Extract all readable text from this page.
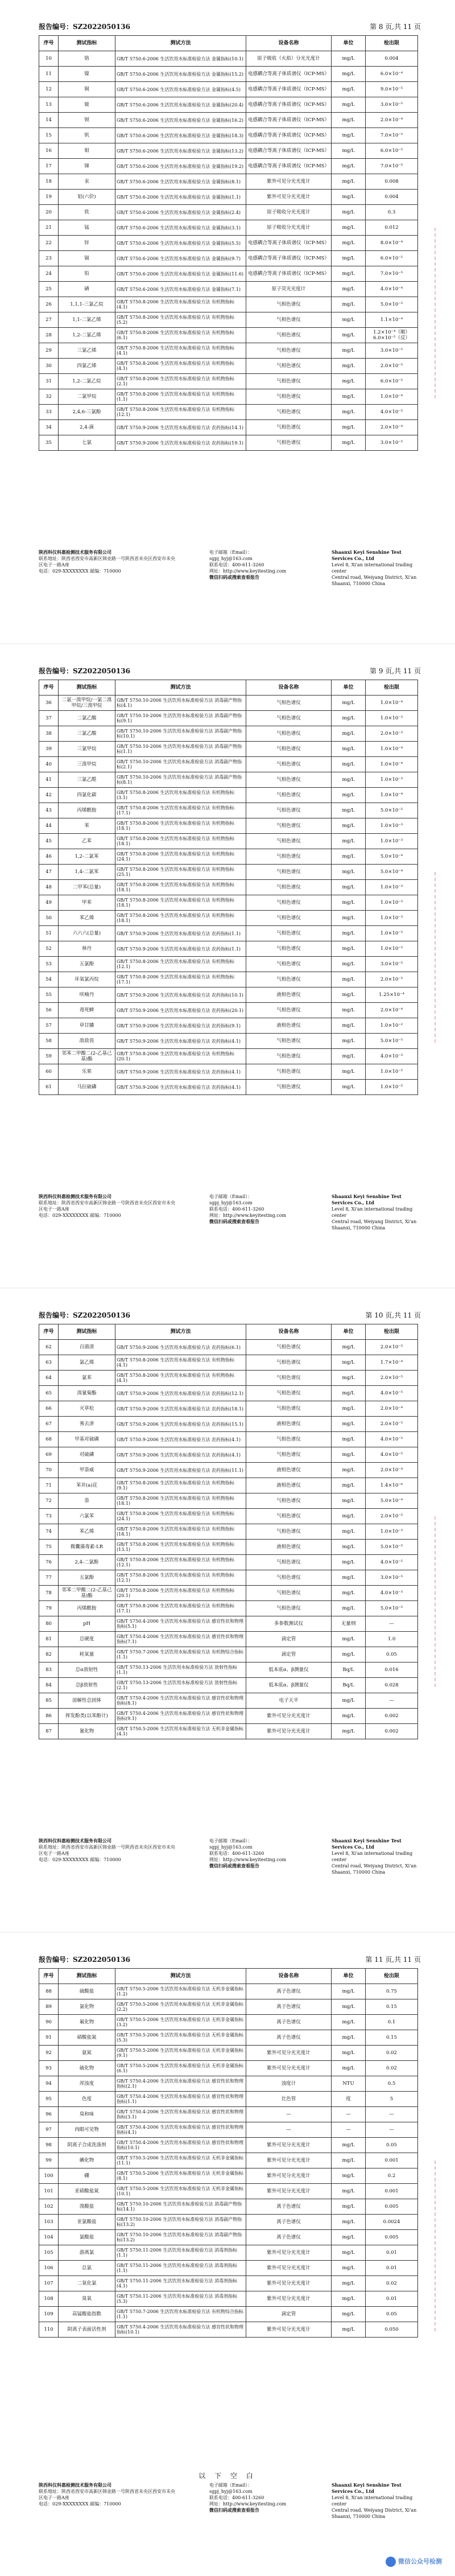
报告编号：SZ2022050136	第 8 页,共 11 页
序号	测试指标	测试方法	设备名称	单位	检出限
10	铬	GB/T 5750.6-2006 生活饮用水标准检验方法 金属指标(10.1)	原子吸收（火焰）分光光度计	mg/L	0.004
11	镍	GB/T 5750.6-2006 生活饮用水标准检验方法 金属指标(15.2)	电感耦合等离子体质谱仪（ICP-MS）	mg/L	6.0×10⁻⁴
12	铜	GB/T 5750.6-2006 生活饮用水标准检验方法 金属指标(4.5)	电感耦合等离子体质谱仪（ICP-MS）	mg/L	9.0×10⁻⁵
13	铍	GB/T 5750.6-2006 生活饮用水标准检验方法 金属指标(20.4)	电感耦合等离子体质谱仪（ICP-MS）	mg/L	3.0×10⁻⁵
14	钡	GB/T 5750.6-2006 生活饮用水标准检验方法 金属指标(16.2)	电感耦合等离子体质谱仪（ICP-MS）	mg/L	2.0×10⁻⁴
15	钒	GB/T 5750.6-2006 生活饮用水标准检验方法 金属指标(18.3)	电感耦合等离子体质谱仪（ICP-MS）	mg/L	7.0×10⁻⁵
16	钼	GB/T 5750.6-2006 生活饮用水标准检验方法 金属指标(13.2)	电感耦合等离子体质谱仪（ICP-MS）	mg/L	6.0×10⁻⁵
17	锑	GB/T 5750.6-2006 生活饮用水标准检验方法 金属指标(19.2)	电感耦合等离子体质谱仪（ICP-MS）	mg/L	7.0×10⁻⁵
18	汞	GB/T 5750.6-2006 生活饮用水标准检验方法 金属指标(8.1)	紫外可见分光光度计	mg/L	0.008
19	铝(六价)	GB/T 5750.6-2006 生活饮用水标准检验方法 金属指标(1.1)	紫外可见分光光度计	mg/L	0.004
20	铁	GB/T 5750.6-2006 生活饮用水标准检验方法 金属指标(2.4)	原子吸收分光光度计	mg/L	0.3
21	锰	GB/T 5750.6-2006 生活饮用水标准检验方法 金属指标(3.1)	原子吸收分光光度计	mg/L	0.012
22	锌	GB/T 5750.6-2006 生活饮用水标准检验方法 金属指标(5.5)	电感耦合等离子体质谱仪（ICP-MS）	mg/L	8.0×10⁻⁴
23	镉	GB/T 5750.6-2006 生活饮用水标准检验方法 金属指标(9.7)	电感耦合等离子体质谱仪（ICP-MS）	mg/L	6.0×10⁻⁵
24	铅	GB/T 5750.6-2006 生活饮用水标准检验方法 金属指标(11.6)	电感耦合等离子体质谱仪（ICP-MS）	mg/L	7.0×10⁻⁵
25	硒	GB/T 5750.6-2006 生活饮用水标准检验方法 金属指标(7.1)	原子荧光光度计	mg/L	4.0×10⁻⁴
26	1,1,1-三氯乙烷	GB/T 5750.8-2006 生活饮用水标准检验方法 有机物指标(4.1)	气相色谱仪	mg/L	5.0×10⁻⁵
27	1,1-二氯乙烯	GB/T 5750.8-2006 生活饮用水标准检验方法 有机物指标(5.2)	气相色谱仪	mg/L	1.1×10⁻⁴
28	1,2-二氯乙烯	GB/T 5750.8-2006 生活饮用水标准检验方法 有机物指标(6.1)	气相色谱仪	mg/L	1.2×10⁻⁴（顺）6.0×10⁻⁵（反）
29	三氯乙烯	GB/T 5750.8-2006 生活饮用水标准检验方法 有机物指标(4.1)	气相色谱仪	mg/L	3.0×10⁻⁵
30	四氯乙烯	GB/T 5750.8-2006 生活饮用水标准检验方法 有机物指标(4.1)	气相色谱仪	mg/L	2.0×10⁻⁵
31	1,2-二氯乙烷	GB/T 5750.8-2006 生活饮用水标准检验方法 有机物指标(2.1)	气相色谱仪	mg/L	6.0×10⁻⁵
32	二氯甲烷	GB/T 5750.8-2006 生活饮用水标准检验方法 有机物指标(1.1)	气相色谱仪	mg/L	1.0×10⁻⁴
33	2,4,6-三氯酚	GB/T 5750.8-2006 生活饮用水标准检验方法 有机物指标(12.1)	气相色谱仪	mg/L	4.0×10⁻⁵
34	2,4-滴	GB/T 5750.9-2006 生活饮用水标准检验方法 农药指标(14.1)	气相色谱仪	mg/L	2.0×10⁻⁴
35	七氯	GB/T 5750.9-2006 生活饮用水标准检验方法 农药指标(19.1)	气相色谱仪	mg/L	3.0×10⁻⁵
陕西科仪科惠检测技术服务有限公司
联系地址：陕西省西安市高新区锦业路一号陕西省未央区西安市未央区电子一路A座
电话：029-XXXXXXXX 邮编：710000
电子邮箱（Email）：sgpj_hyj@163.com
联系电话：400-611-3260
网址：http://www.keyitesting.com
微信扫码或搜索查看报告
Shaanxi Keyi Senshine Test Services Co., Ltd
Level 8, Xi'an international trading center
Central road, Weiyang District, Xi'an
Shaanxi, 710000 China
报告编号：SZ2022050136	第 9 页,共 11 页
序号	测试指标	测试方法	设备名称	单位	检出限
36	二氯一溴甲烷/一氯二溴甲烷/三溴甲烷	GB/T 5750.10-2006 生活饮用水标准检验方法 消毒副产物指标(4.1)	气相色谱仪	mg/L	1.0×10⁻⁴
37	二氯乙酸	GB/T 5750.10-2006 生活饮用水标准检验方法 消毒副产物指标(9.1)	气相色谱仪	mg/L	1.0×10⁻³
38	三氯乙酸	GB/T 5750.10-2006 生活饮用水标准检验方法 消毒副产物指标(10.1)	气相色谱仪	mg/L	2.0×10⁻³
39	三氯甲烷	GB/T 5750.10-2006 生活饮用水标准检验方法 消毒副产物指标(1.1)	气相色谱仪	mg/L	1.0×10⁻⁴
40	三溴甲烷	GB/T 5750.10-2006 生活饮用水标准检验方法 消毒副产物指标(2.1)	气相色谱仪	mg/L	1.0×10⁻⁴
41	三氯乙醛	GB/T 5750.10-2006 生活饮用水标准检验方法 消毒副产物指标(8.1)	气相色谱仪	mg/L	1.0×10⁻³
42	四氯化碳	GB/T 5750.8-2006 生活饮用水标准检验方法 有机物指标(3.1)	气相色谱仪	mg/L	1.0×10⁻⁴
43	丙烯酰胺	GB/T 5750.8-2006 生活饮用水标准检验方法 有机物指标(17.1)	气相色谱仪	mg/L	5.0×10⁻⁵
44	苯	GB/T 5750.8-2006 生活饮用水标准检验方法 有机物指标(18.1)	气相色谱仪	mg/L	1.0×10⁻³
45	乙苯	GB/T 5750.8-2006 生活饮用水标准检验方法 有机物指标(18.1)	气相色谱仪	mg/L	1.0×10⁻³
46	1,2-二氯苯	GB/T 5750.8-2006 生活饮用水标准检验方法 有机物指标(24.1)	气相色谱仪	mg/L	5.0×10⁻⁴
47	1,4-二氯苯	GB/T 5750.8-2006 生活饮用水标准检验方法 有机物指标(25.1)	气相色谱仪	mg/L	5.0×10⁻⁴
48	二甲苯(总量)	GB/T 5750.8-2006 生活饮用水标准检验方法 有机物指标(18.1)	气相色谱仪	mg/L	1.0×10⁻³
49	甲苯	GB/T 5750.8-2006 生活饮用水标准检验方法 有机物指标(18.1)	气相色谱仪	mg/L	1.0×10⁻³
50	苯乙烯	GB/T 5750.8-2006 生活饮用水标准检验方法 有机物指标(18.1)	气相色谱仪	mg/L	1.0×10⁻³
51	六六六(总量)	GB/T 5750.9-2006 生活饮用水标准检验方法 农药指标(1.1)	气相色谱仪	mg/L	1.0×10⁻⁵
52	林丹	GB/T 5750.9-2006 生活饮用水标准检验方法 农药指标(1.1)	气相色谱仪	mg/L	1.0×10⁻⁵
53	五氯酚	GB/T 5750.8-2006 生活饮用水标准检验方法 有机物指标(12.1)	气相色谱仪	mg/L	3.0×10⁻⁵
54	环氧氯丙烷	GB/T 5750.8-2006 生活饮用水标准检验方法 有机物指标(17.1)	气相色谱仪	mg/L	2.0×10⁻⁵
55	呋喃丹	GB/T 5750.9-2006 生活饮用水标准检验方法 农药指标(10.1)	液相色谱仪	mg/L	1.25×10⁻⁴
56	毒死蜱	GB/T 5750.9-2006 生活饮用水标准检验方法 农药指标(20.1)	气相色谱仪	mg/L	2.0×10⁻⁴
57	草甘膦	GB/T 5750.9-2006 生活饮用水标准检验方法 农药指标(9.1)	液相色谱仪	mg/L	1.0×10⁻²
58	敌敌畏	GB/T 5750.9-2006 生活饮用水标准检验方法 农药指标(4.1)	气相色谱仪	mg/L	5.0×10⁻⁵
59	邻苯二甲酸二(2-乙基己基)酯	GB/T 5750.8-2006 生活饮用水标准检验方法 有机物指标(20.1)	气相色谱仪	mg/L	4.0×10⁻³
60	乐果	GB/T 5750.9-2006 生活饮用水标准检验方法 农药指标(4.1)	气相色谱仪	mg/L	1.0×10⁻⁵
61	马拉硫磷	GB/T 5750.9-2006 生活饮用水标准检验方法 农药指标(4.1)	气相色谱仪	mg/L	1.0×10⁻⁵
陕西科仪科惠检测技术服务有限公司
联系地址：陕西省西安市高新区锦业路一号陕西省未央区西安市未央区电子一路A座
电话：029-XXXXXXXX 邮编：710000
电子邮箱（Email）：sgpj_hyj@163.com
联系电话：400-611-3260
网址：http://www.keyitesting.com
微信扫码或搜索查看报告
Shaanxi Keyi Senshine Test Services Co., Ltd
Level 8, Xi'an international trading center
Central road, Weiyang District, Xi'an
Shaanxi, 710000 China
报告编号：SZ2022050136	第 10 页,共 11 页
序号	测试指标	测试方法	设备名称	单位	检出限
62	百菌清	GB/T 5750.9-2006 生活饮用水标准检验方法 农药指标(6.1)	气相色谱仪	mg/L	2.0×10⁻⁵
63	氯乙烯	GB/T 5750.8-2006 生活饮用水标准检验方法 有机物指标(4.1)	气相色谱仪	mg/L	1.7×10⁻⁴
64	氯苯	GB/T 5750.8-2006 生活饮用水标准检验方法 有机物指标(4.1)	气相色谱仪	mg/L	2.0×10⁻⁵
65	溴氰菊酯	GB/T 5750.9-2006 生活饮用水标准检验方法 农药指标(12.1)	气相色谱仪	mg/L	4.0×10⁻⁵
66	灭草松	GB/T 5750.9-2006 生活饮用水标准检验方法 农药指标(18.1)	气相色谱仪	mg/L	2.0×10⁻⁴
67	莠去津	GB/T 5750.9-2006 生活饮用水标准检验方法 农药指标(15.1)	液相色谱仪	mg/L	2.0×10⁻⁵
68	甲基对硫磷	GB/T 5750.9-2006 生活饮用水标准检验方法 农药指标(4.1)	气相色谱仪	mg/L	4.0×10⁻⁵
69	对硫磷	GB/T 5750.9-2006 生活饮用水标准检验方法 农药指标(4.1)	气相色谱仪	mg/L	4.0×10⁻⁵
70	甲萘威	GB/T 5750.9-2006 生活饮用水标准检验方法 农药指标(11.1)	液相色谱仪	mg/L	2.0×10⁻⁴
71	苯并(a)芘	GB/T 5750.8-2006 生活饮用水标准检验方法 有机物指标(9.1)	液相色谱仪	mg/L	1.4×10⁻⁶
72	萘	GB/T 5750.8-2006 生活饮用水标准检验方法 有机物指标(18.1)	气相色谱仪	mg/L	5.0×10⁻⁴
73	六氯苯	GB/T 5750.8-2006 生活饮用水标准检验方法 有机物指标(24.1)	气相色谱仪	mg/L	2.0×10⁻⁵
74	苯乙烯	GB/T 5750.8-2006 生活饮用水标准检验方法 有机物指标(18.1)	气相色谱仪	mg/L	1.0×10⁻³
75	微囊藻毒素-LR	GB/T 5750.8-2006 生活饮用水标准检验方法 有机物指标(13.1)	液相色谱仪	mg/L	5.0×10⁻⁵
76	2,4-二氯酚	GB/T 5750.8-2006 生活饮用水标准检验方法 有机物指标(12.1)	气相色谱仪	mg/L	4.0×10⁻⁵
77	五氯酚	GB/T 5750.8-2006 生活饮用水标准检验方法 有机物指标(12.1)	气相色谱仪	mg/L	3.0×10⁻⁵
78	邻苯二甲酸二(2-乙基己基)酯	GB/T 5750.8-2006 生活饮用水标准检验方法 有机物指标(20.1)	气相色谱仪	mg/L	4.0×10⁻³
79	丙烯酰胺	GB/T 5750.8-2006 生活饮用水标准检验方法 有机物指标(17.1)	气相色谱仪	mg/L	5.0×10⁻⁵
80	pH	GB/T 5750.4-2006 生活饮用水标准检验方法 感官性状和物理指标(5.1)	多参数测试仪	无量纲	—
81	总硬度	GB/T 5750.4-2006 生活饮用水标准检验方法 感官性状和物理指标(7.1)	滴定管	mg/L	1.0
82	耗氧量	GB/T 5750.7-2006 生活饮用水标准检验方法 有机物综合指标(1.1)	滴定管	mg/L	0.05
83	总α放射性	GB/T 5750.13-2006 生活饮用水标准检验方法 放射性指标(1.1)	低本底α、β测量仪	Bq/L	0.016
84	总β放射性	GB/T 5750.13-2006 生活饮用水标准检验方法 放射性指标(2.1)	低本底α、β测量仪	Bq/L	0.028
85	溶解性总固体	GB/T 5750.4-2006 生活饮用水标准检验方法 感官性状和物理指标(8.1)	电子天平	mg/L	—
86	挥发酚类(以苯酚计)	GB/T 5750.4-2006 生活饮用水标准检验方法 感官性状和物理指标(9.1)	紫外可见分光光度计	mg/L	0.002
87	氰化物	GB/T 5750.5-2006 生活饮用水标准检验方法 无机非金属指标(4.1)	紫外可见分光光度计	mg/L	0.002
陕西科仪科惠检测技术服务有限公司
联系地址：陕西省西安市高新区锦业路一号陕西省未央区西安市未央区电子一路A座
电话：029-XXXXXXXX 邮编：710000
电子邮箱（Email）：sgpj_hyj@163.com
联系电话：400-611-3260
网址：http://www.keyitesting.com
微信扫码或搜索查看报告
Shaanxi Keyi Senshine Test Services Co., Ltd
Level 8, Xi'an international trading center
Central road, Weiyang District, Xi'an
Shaanxi, 710000 China
报告编号：SZ2022050136	第 11 页,共 11 页
序号	测试指标	测试方法	设备名称	单位	检出限
88	硫酸盐	GB/T 5750.5-2006 生活饮用水标准检验方法 无机非金属指标(1.2)	离子色谱仪	mg/L	0.75
89	氯化物	GB/T 5750.5-2006 生活饮用水标准检验方法 无机非金属指标(2.2)	离子色谱仪	mg/L	0.15
90	氟化物	GB/T 5750.5-2006 生活饮用水标准检验方法 无机非金属指标(3.2)	离子色谱仪	mg/L	0.1
91	硝酸盐氮	GB/T 5750.5-2006 生活饮用水标准检验方法 无机非金属指标(5.3)	离子色谱仪	mg/L	0.15
92	氨氮	GB/T 5750.5-2006 生活饮用水标准检验方法 无机非金属指标(9.1)	紫外可见分光光度计	mg/L	0.02
93	硫化物	GB/T 5750.5-2006 生活饮用水标准检验方法 无机非金属指标(6.1)	紫外可见分光光度计	mg/L	0.02
94	浑浊度	GB/T 5750.4-2006 生活饮用水标准检验方法 感官性状和物理指标(2.1)	浊度计	NTU	0.5
95	色度	GB/T 5750.4-2006 生活饮用水标准检验方法 感官性状和物理指标(1.1)	比色管	度	5
96	臭和味	GB/T 5750.4-2006 生活饮用水标准检验方法 感官性状和物理指标(3.1)	—	—	—
97	肉眼可见物	GB/T 5750.4-2006 生活饮用水标准检验方法 感官性状和物理指标(4.1)	—	—	—
98	阴离子合成洗涤剂	GB/T 5750.4-2006 生活饮用水标准检验方法 感官性状和物理指标(10.1)	紫外可见分光光度计	mg/L	0.05
99	碘化物	GB/T 5750.5-2006 生活饮用水标准检验方法 无机非金属指标(11.1)	紫外可见分光光度计	mg/L	0.001
100	硼	GB/T 5750.5-2006 生活饮用水标准检验方法 无机非金属指标(8.1)	紫外可见分光光度计	mg/L	0.2
101	亚硝酸盐氮	GB/T 5750.5-2006 生活饮用水标准检验方法 无机非金属指标(10.1)	紫外可见分光光度计	mg/L	0.001
102	溴酸盐	GB/T 5750.10-2006 生活饮用水标准检验方法 消毒副产物指标(14.1)	离子色谱仪	mg/L	0.005
103	亚氯酸盐	GB/T 5750.10-2006 生活饮用水标准检验方法 消毒副产物指标(13.2)	离子色谱仪	mg/L	0.0024
104	氯酸盐	GB/T 5750.10-2006 生活饮用水标准检验方法 消毒副产物指标(13.2)	离子色谱仪	mg/L	0.005
105	游离氯	GB/T 5750.11-2006 生活饮用水标准检验方法 消毒剂指标(1.1)	紫外可见分光光度计	mg/L	0.01
106	总氯	GB/T 5750.11-2006 生活饮用水标准检验方法 消毒剂指标(1.1)	紫外可见分光光度计	mg/L	0.01
107	二氧化氯	GB/T 5750.11-2006 生活饮用水标准检验方法 消毒剂指标(4.1)	紫外可见分光光度计	mg/L	0.02
108	臭氧	GB/T 5750.11-2006 生活饮用水标准检验方法 消毒剂指标(5.3)	紫外可见分光光度计	mg/L	0.01
109	高锰酸盐指数	GB/T 5750.7-2006 生活饮用水标准检验方法 有机物综合指标(1.1)	滴定管	mg/L	0.05
110	阴离子表面活性剂	GB/T 5750.4-2006 生活饮用水标准检验方法 感官性状和物理指标(10.1)	紫外可见分光光度计	mg/L	0.050
以 下 空 白
陕西科仪科惠检测技术服务有限公司
联系地址：陕西省西安市高新区锦业路一号陕西省未央区西安市未央区电子一路A座
电话：029-XXXXXXXX 邮编：710000
电子邮箱（Email）：sgpj_hyj@163.com
联系电话：400-611-3260
网址：http://www.keyitesting.com
微信扫码或搜索查看报告
Shaanxi Keyi Senshine Test Services Co., Ltd
Level 8, Xi'an international trading center
Central road, Weiyang District, Xi'an
Shaanxi, 710000 China
微信公众号检测
